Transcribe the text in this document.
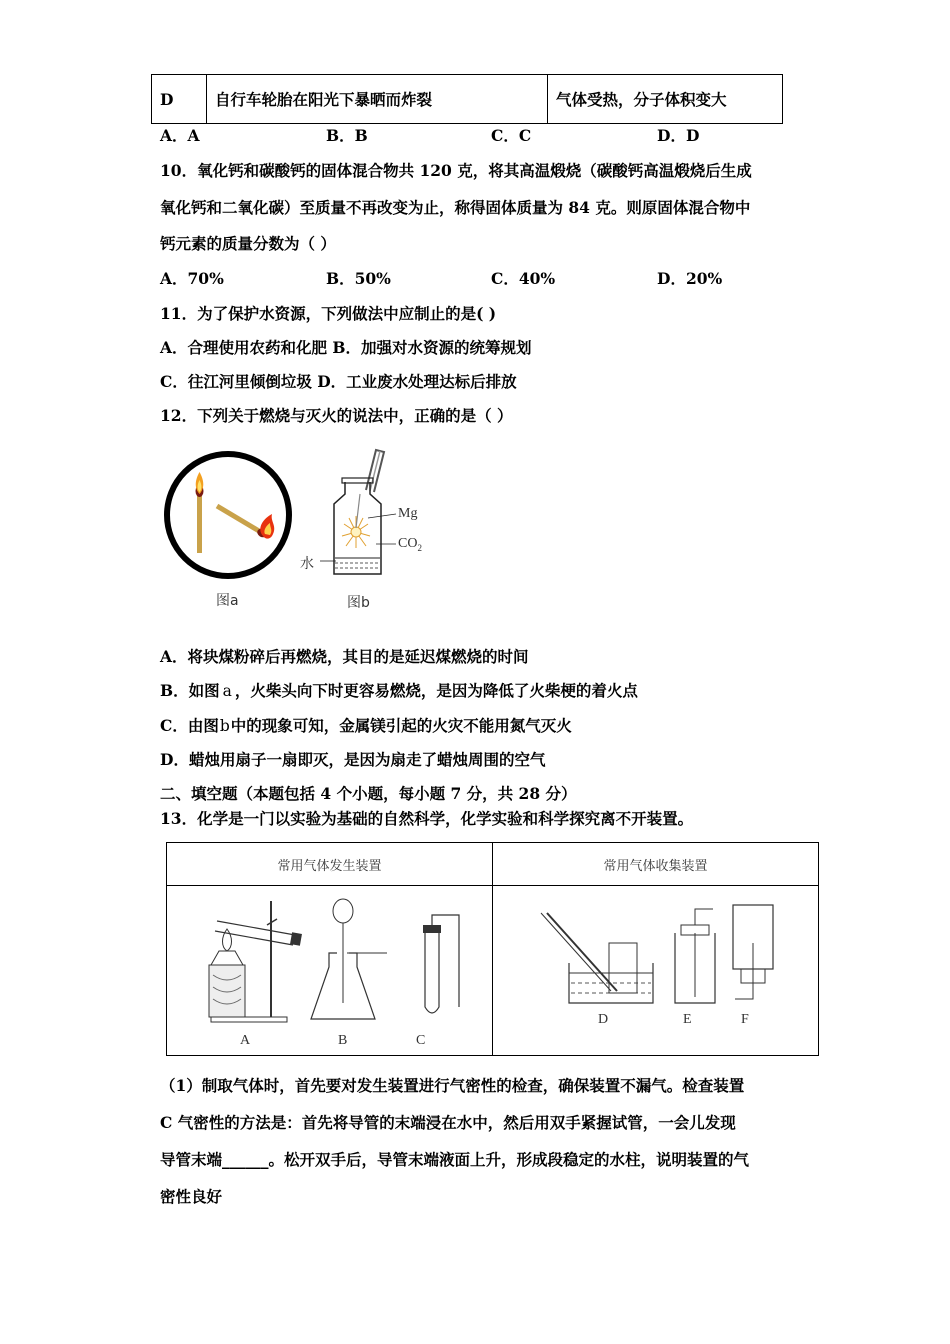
D	自行车轮胎在阳光下暴晒而炸裂	气体受热，分子体积变大
A．A	B．B	C．C	D．D
10．氧化钙和碳酸钙的固体混合物共 120 克，将其高温煅烧（碳酸钙高温煅烧后生成
氧化钙和二氧化碳）至质量不再改变为止，称得固体质量为 84 克。则原固体混合物中
钙元素的质量分数为（ ）
A．70%	B．50%	C．40%	D．20%
11．为了保护水资源，下列做法中应制止的是( )
A．合理使用农药和化肥 B．加强对水资源的统筹规划
C．往江河里倾倒垃圾 D．工业废水处理达标后排放
12．下列关于燃烧与灭火的说法中，正确的是（ ）
图a
Mg
$CO_2$
水
图b
A．将块煤粉碎后再燃烧，其目的是延迟煤燃烧的时间
B．如图 a ，火柴头向下时更容易燃烧，是因为降低了火柴梗的着火点
C．由图b中的现象可知，金属镁引起的火灾不能用氮气灭火
D．蜡烛用扇子一扇即灭，是因为扇走了蜡烛周围的空气
二、填空题（本题包括 4 个小题，每小题 7 分，共 28 分）
13．化学是一门以实验为基础的自然科学，化学实验和科学探究离不开装置。
常用气体发生装置	常用气体收集装置
A	B	C
D	E	F
（1）制取气体时，首先要对发生装置进行气密性的检查，确保装置不漏气。检查装置
C 气密性的方法是：首先将导管的末端浸在水中，然后用双手紧握试管，一会儿发现
导管末端______。松开双手后，导管末端液面上升，形成段稳定的水柱，说明装置的气
密性良好
